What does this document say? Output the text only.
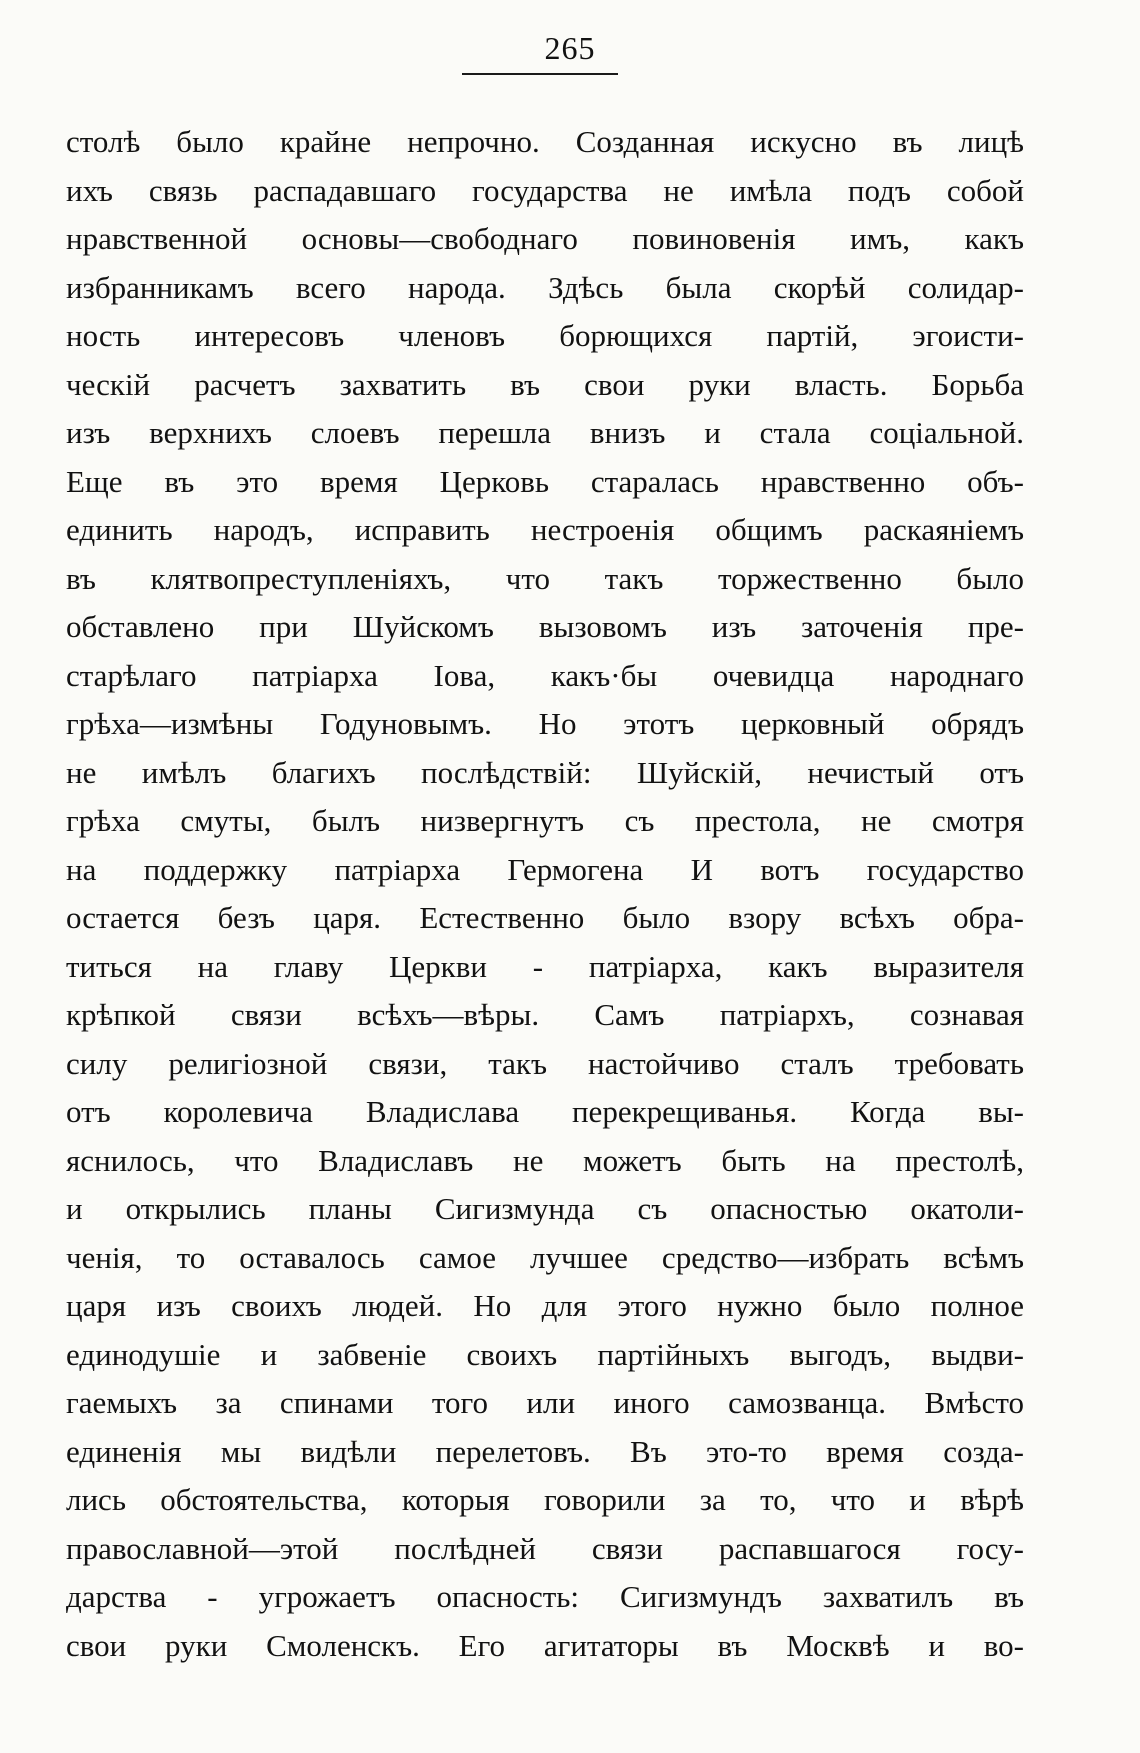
265
столѣ было крайне непрочно. Созданная искусно въ лицѣ
ихъ связь распадавшаго государства не имѣла подъ собой
нравственной основы—свободнаго повиновенія имъ, какъ
избранникамъ всего народа. Здѣсь была скорѣй солидар-
ность интересовъ членовъ борющихся партій, эгоисти-
ческій расчетъ захватить въ свои руки власть. Борьба
изъ верхнихъ слоевъ перешла внизъ и стала соціальной.
Еще въ это время Церковь старалась нравственно объ-
единить народъ, исправить нестроенія общимъ раскаяніемъ
въ клятвопреступленіяхъ, что такъ торжественно было
обставлено при Шуйскомъ вызовомъ изъ заточенія пре-
старѣлаго патріарха Іова, какъ·бы очевидца народнаго
грѣха—измѣны Годуновымъ. Но этотъ церковный обрядъ
не имѣлъ благихъ послѣдствій: Шуйскій, нечистый отъ
грѣха смуты, былъ низвергнутъ съ престола, не смотря
на поддержку патріарха Гермогена И вотъ государство
остается безъ царя. Естественно было взору всѣхъ обра-
титься на главу Церкви - патріарха, какъ выразителя
крѣпкой связи всѣхъ—вѣры. Самъ патріархъ, сознавая
силу религіозной связи, такъ настойчиво сталъ требовать
отъ королевича Владислава перекрещиванья. Когда вы-
яснилось, что Владиславъ не можетъ быть на престолѣ,
и открылись планы Сигизмунда съ опасностью окатоли-
ченія, то оставалось самое лучшее средство—избрать всѣмъ
царя изъ своихъ людей. Но для этого нужно было полное
единодушіе и забвеніе своихъ партійныхъ выгодъ, выдви-
гаемыхъ за спинами того или иного самозванца. Вмѣсто
единенія мы видѣли перелетовъ. Въ это-то время созда-
лись обстоятельства, которыя говорили за то, что и вѣрѣ
православной—этой послѣдней связи распавшагося госу-
дарства - угрожаетъ опасность: Сигизмундъ захватилъ въ
свои руки Смоленскъ. Его агитаторы въ Москвѣ и во-
